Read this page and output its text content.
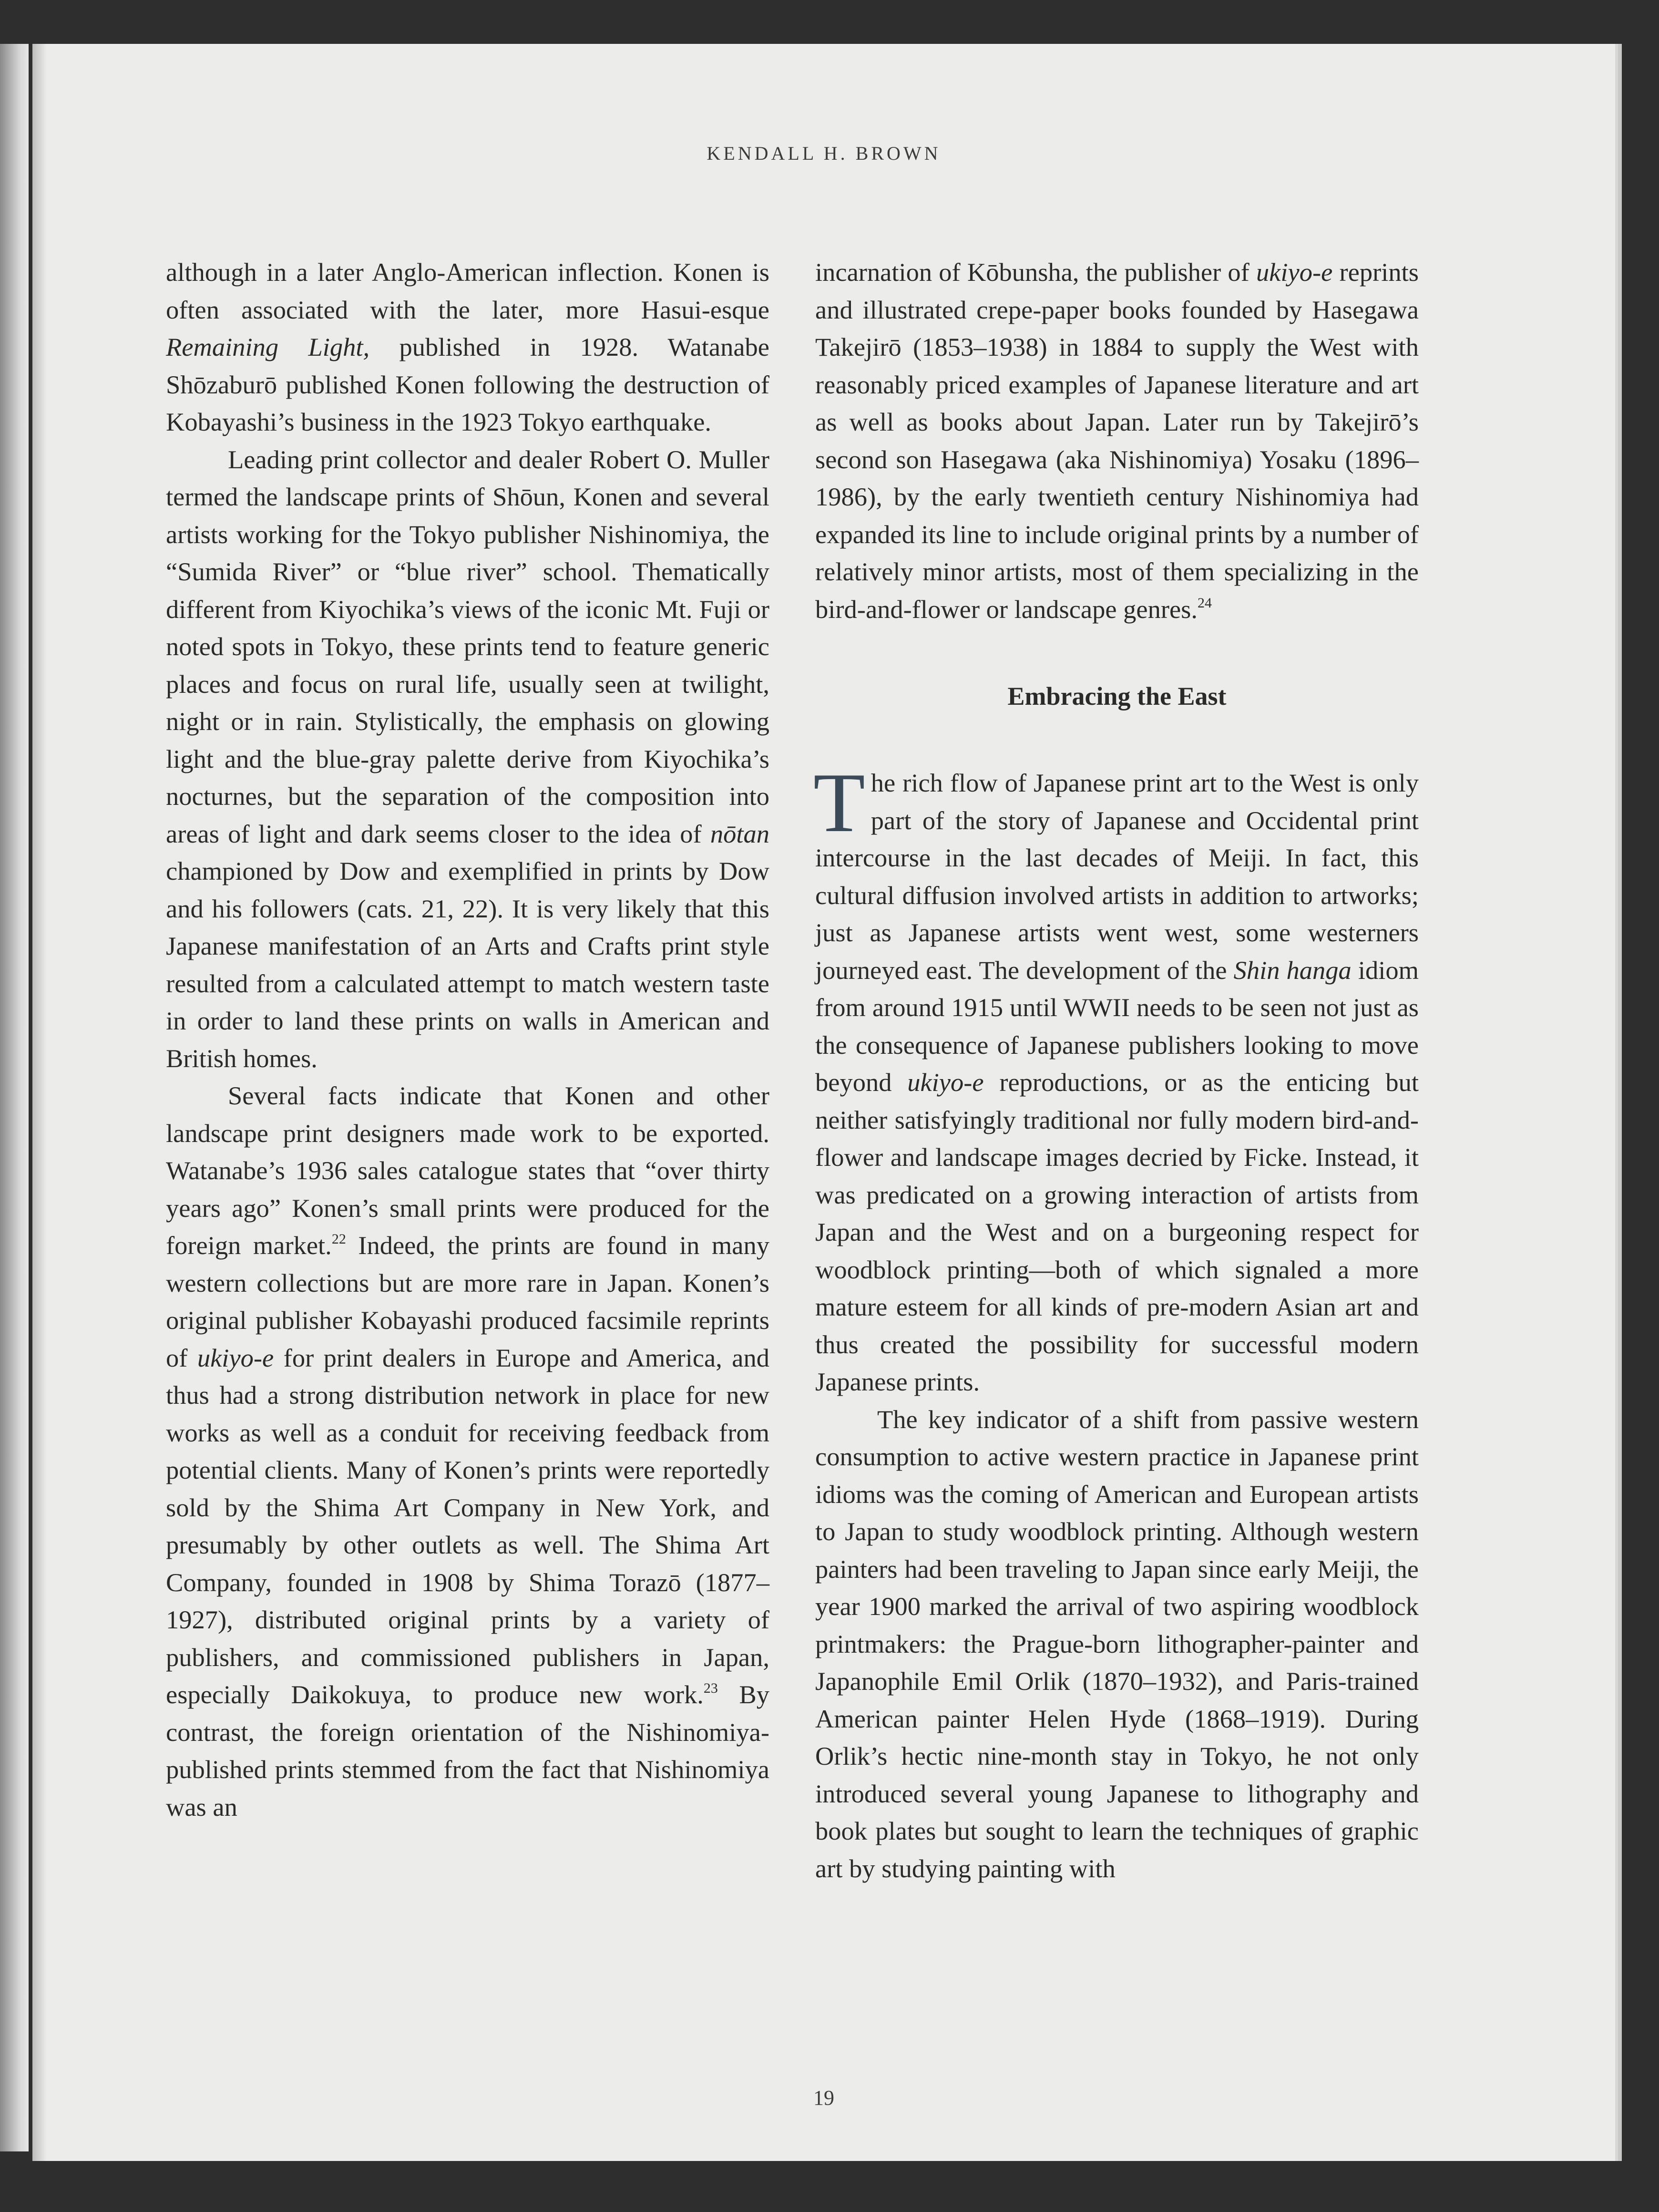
KENDALL H. BROWN

although in a later Anglo-American inflection. Konen is often associated with the later, more Hasui-esque Remaining Light, published in 1928. Watanabe Shōzaburō published Konen following the destruction of Kobayashi’s business in the 1923 Tokyo earthquake.

Leading print collector and dealer Robert O. Muller termed the landscape prints of Shōun, Konen and several artists working for the Tokyo publisher Nishinomiya, the “Sumida River” or “blue river” school. Thematically different from Kiyochika’s views of the iconic Mt. Fuji or noted spots in Tokyo, these prints tend to feature generic places and focus on rural life, usually seen at twilight, night or in rain. Stylistically, the emphasis on glowing light and the blue-gray palette derive from Kiyochika’s nocturnes, but the separation of the composition into areas of light and dark seems closer to the idea of nōtan championed by Dow and exemplified in prints by Dow and his followers (cats. 21, 22). It is very likely that this Japanese manifestation of an Arts and Crafts print style resulted from a calculated attempt to match western taste in order to land these prints on walls in American and British homes.

Several facts indicate that Konen and other landscape print designers made work to be exported. Watanabe’s 1936 sales catalogue states that “over thirty years ago” Konen’s small prints were produced for the foreign market.$^{22}$ Indeed, the prints are found in many western collections but are more rare in Japan. Konen’s original publisher Kobayashi produced facsimile reprints of ukiyo-e for print dealers in Europe and America, and thus had a strong distribution network in place for new works as well as a conduit for receiving feedback from potential clients. Many of Konen’s prints were reportedly sold by the Shima Art Company in New York, and presumably by other outlets as well. The Shima Art Company, founded in 1908 by Shima Torazō (1877–1927), distributed original prints by a variety of publishers, and commissioned publishers in Japan, especially Daikokuya, to produce new work.$^{23}$ By contrast, the foreign orientation of the Nishinomiya-published prints stemmed from the fact that Nishinomiya was an

incarnation of Kōbunsha, the publisher of ukiyo-e reprints and illustrated crepe-paper books founded by Hasegawa Takejirō (1853–1938) in 1884 to supply the West with reasonably priced examples of Japanese literature and art as well as books about Japan. Later run by Takejirō’s second son Hasegawa (aka Nishinomiya) Yosaku (1896–1986), by the early twentieth century Nishinomiya had expanded its line to include original prints by a number of relatively minor artists, most of them specializing in the bird-and-flower or landscape genres.$^{24}$

Embracing the East

The rich flow of Japanese print art to the West is only part of the story of Japanese and Occidental print intercourse in the last decades of Meiji. In fact, this cultural diffusion involved artists in addition to artworks; just as Japanese artists went west, some westerners journeyed east. The development of the Shin hanga idiom from around 1915 until WWII needs to be seen not just as the consequence of Japanese publishers looking to move beyond ukiyo-e reproductions, or as the enticing but neither satisfyingly traditional nor fully modern bird-and-flower and landscape images decried by Ficke. Instead, it was predicated on a growing interaction of artists from Japan and the West and on a burgeoning respect for woodblock printing—both of which signaled a more mature esteem for all kinds of pre-modern Asian art and thus created the possibility for successful modern Japanese prints.

The key indicator of a shift from passive western consumption to active western practice in Japanese print idioms was the coming of American and European artists to Japan to study woodblock printing. Although western painters had been traveling to Japan since early Meiji, the year 1900 marked the arrival of two aspiring woodblock printmakers: the Prague-born lithographer-painter and Japanophile Emil Orlik (1870–1932), and Paris-trained American painter Helen Hyde (1868–1919). During Orlik’s hectic nine-month stay in Tokyo, he not only introduced several young Japanese to lithography and book plates but sought to learn the techniques of graphic art by studying painting with

19
